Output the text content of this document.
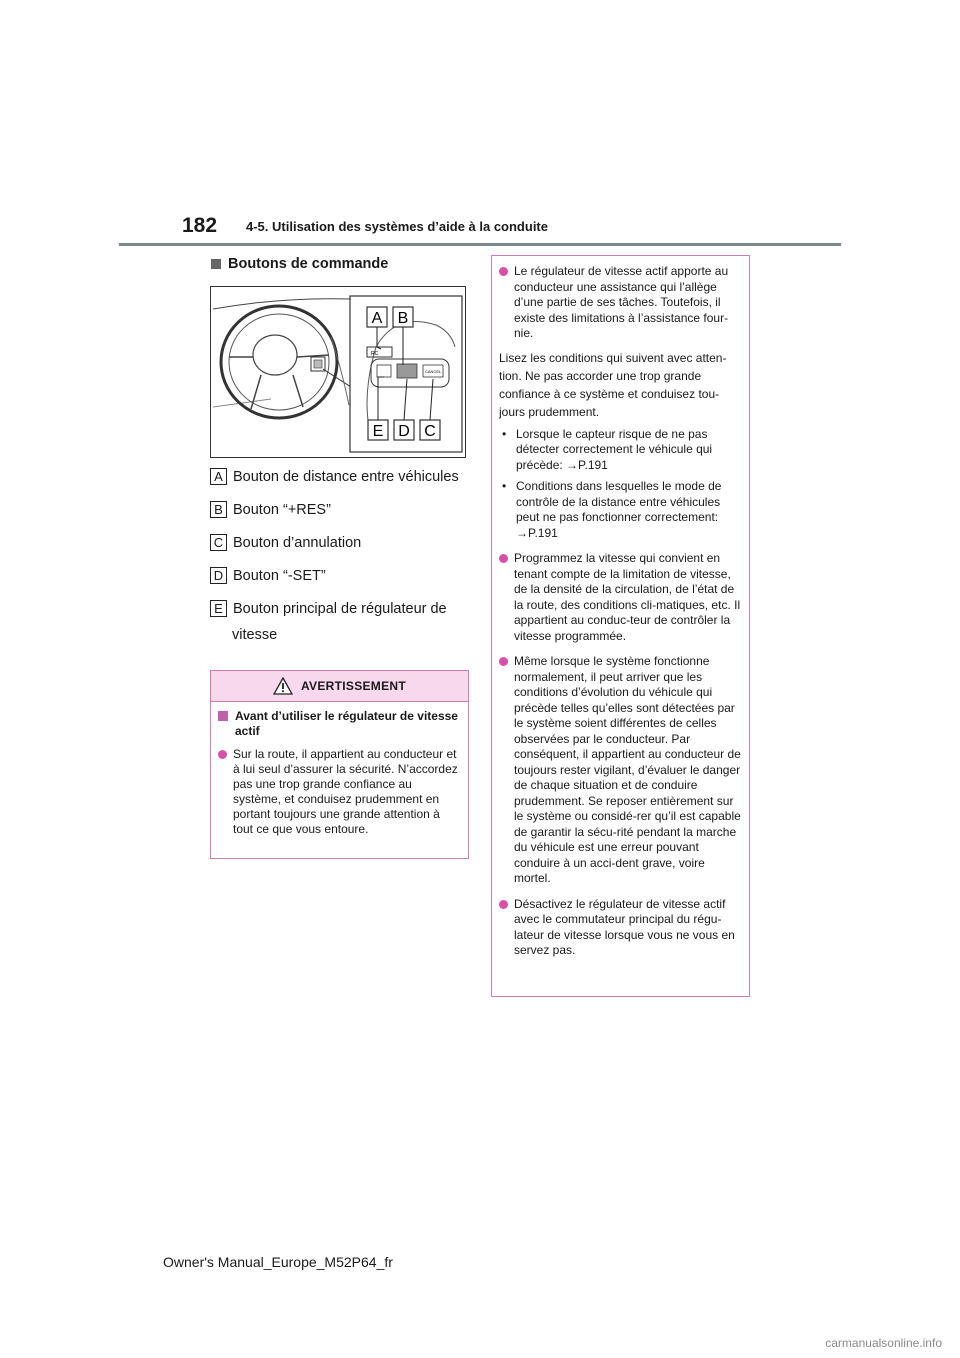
182 4-5. Utilisation des systèmes d’aide à la conduite
Boutons de commande
RC
CANCEL
A B
E D C
A Bouton de distance entre véhicules
B Bouton “+RES”
C Bouton d’annulation
D Bouton “-SET”
E Bouton principal de régulateur de
vitesse
AVERTISSEMENT
Avant d’utiliser le régulateur de vitesse actif
Sur la route, il appartient au conducteur et à lui seul d’assurer la sécurité. N’accordez pas une trop grande confiance au système, et conduisez prudemment en portant toujours une grande attention à tout ce que vous entoure.
Le régulateur de vitesse actif apporte au conducteur une assistance qui l’allège d’une partie de ses tâches. Toutefois, il existe des limitations à l’assistance four-nie.
Lisez les conditions qui suivent avec atten-tion. Ne pas accorder une trop grande confiance à ce système et conduisez tou-jours prudemment.
• Lorsque le capteur risque de ne pas détecter correctement le véhicule qui précède: →P.191
• Conditions dans lesquelles le mode de contrôle de la distance entre véhicules peut ne pas fonctionner correctement: →P.191
Programmez la vitesse qui convient en tenant compte de la limitation de vitesse, de la densité de la circulation, de l’état de la route, des conditions cli-matiques, etc. Il appartient au conduc-teur de contrôler la vitesse programmée.
Même lorsque le système fonctionne normalement, il peut arriver que les conditions d’évolution du véhicule qui précède telles qu’elles sont détectées par le système soient différentes de celles observées par le conducteur. Par conséquent, il appartient au conducteur de toujours rester vigilant, d’évaluer le danger de chaque situation et de conduire prudemment. Se reposer entièrement sur le système ou considé-rer qu’il est capable de garantir la sécu-rité pendant la marche du véhicule est une erreur pouvant conduire à un acci-dent grave, voire mortel.
Désactivez le régulateur de vitesse actif avec le commutateur principal du régu-lateur de vitesse lorsque vous ne vous en servez pas.
Owner's Manual_Europe_M52P64_fr
carmanualsonline.info
